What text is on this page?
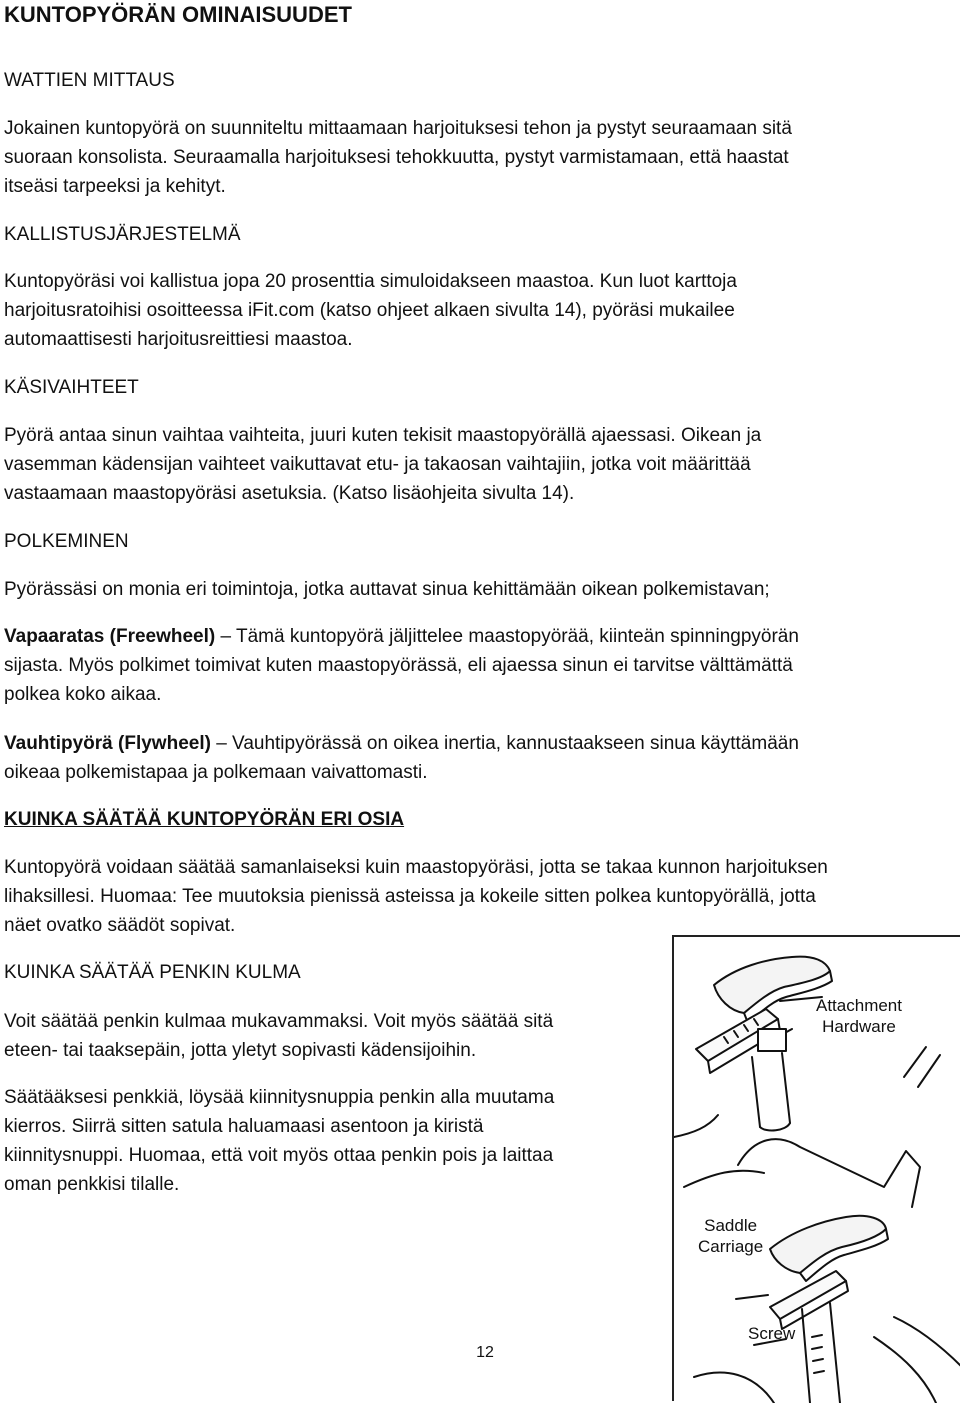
KUNTOPYÖRÄN OMINAISUUDET

WATTIEN MITTAUS

Jokainen kuntopyörä on suunniteltu mittaamaan harjoituksesi tehon ja pystyt seuraamaan sitä

suoraan konsolista. Seuraamalla harjoituksesi tehokkuutta, pystyt varmistamaan, että haastat

itseäsi tarpeeksi ja kehityt.

KALLISTUSJÄRJESTELMÄ

Kuntopyöräsi voi kallistua jopa 20 prosenttia simuloidakseen maastoa. Kun luot karttoja

harjoitusratoihisi osoitteessa iFit.com (katso ohjeet alkaen sivulta 14), pyöräsi mukailee

automaattisesti harjoitusreittiesi maastoa.

KÄSIVAIHTEET

Pyörä antaa sinun vaihtaa vaihteita, juuri kuten tekisit maastopyörällä ajaessasi. Oikean ja

vasemman kädensijan vaihteet vaikuttavat etu- ja takaosan vaihtajiin, jotka voit määrittää

vastaamaan maastopyöräsi asetuksia. (Katso lisäohjeita sivulta 14).

POLKEMINEN

Pyörässäsi on monia eri toimintoja, jotka auttavat sinua kehittämään oikean polkemistavan;

Vapaaratas (Freewheel) – Tämä kuntopyörä jäljittelee maastopyörää, kiinteän spinningpyörän

sijasta. Myös polkimet toimivat kuten maastopyörässä, eli ajaessa sinun ei tarvitse välttämättä

polkea koko aikaa.

Vauhtipyörä (Flywheel) – Vauhtipyörässä on oikea inertia, kannustaakseen sinua käyttämään

oikeaa polkemistapaa ja polkemaan vaivattomasti.

KUINKA SÄÄTÄÄ KUNTOPYÖRÄN ERI OSIA

Kuntopyörä voidaan säätää samanlaiseksi kuin maastopyöräsi, jotta se takaa kunnon harjoituksen

lihaksillesi. Huomaa: Tee muutoksia pienissä asteissa ja kokeile sitten polkea kuntopyörällä, jotta

näet ovatko säädöt sopivat.

KUINKA SÄÄTÄÄ PENKIN KULMA

Voit säätää penkin kulmaa mukavammaksi. Voit myös säätää sitä

eteen- tai taaksepäin, jotta yletyt sopivasti kädensijoihin.

Säätääksesi penkkiä, löysää kiinnitysnuppia penkin alla muutama

kierros. Siirrä sitten satula haluamaasi asentoon ja kiristä

kiinnitysnuppi. Huomaa, että voit myös ottaa penkin pois ja laittaa

oman penkkisi tilalle.

Attachment
Hardware
Saddle
Carriage
Screw
12
